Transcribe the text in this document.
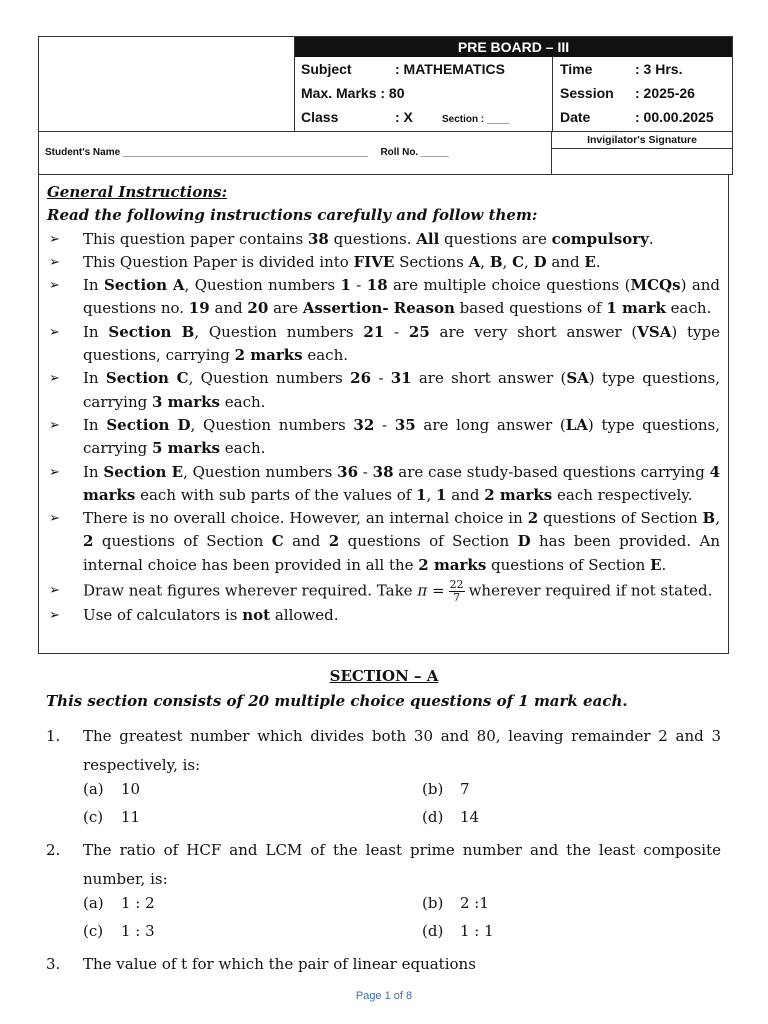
PRE BOARD – III
Subject	: MATHEMATICS
Max. Marks : 80
Class	: X	Section : ____
Time	: 3 Hrs.
Session : 2025-26
Date	: 00.00.2025
Student's Name ____________________________________________ Roll No. _____
Invigilator's Signature
General Instructions:
Read the following instructions carefully and follow them:
➢ This question paper contains 38 questions. All questions are compulsory.
➢ This Question Paper is divided into FIVE Sections A, B, C, D and E.
➢ In Section A, Question numbers 1 - 18 are multiple choice questions (MCQs) and questions no. 19 and 20 are Assertion- Reason based questions of 1 mark each.
➢ In Section B, Question numbers 21 - 25 are very short answer (VSA) type questions, carrying 2 marks each.
➢ In Section C, Question numbers 26 - 31 are short answer (SA) type questions, carrying 3 marks each.
➢ In Section D, Question numbers 32 - 35 are long answer (LA) type questions, carrying 5 marks each.
➢ In Section E, Question numbers 36 - 38 are case study-based questions carrying 4 marks each with sub parts of the values of 1, 1 and 2 marks each respectively.
➢ There is no overall choice. However, an internal choice in 2 questions of Section B, 2 questions of Section C and 2 questions of Section D has been provided. An internal choice has been provided in all the 2 marks questions of Section E.
➢ Draw neat figures wherever required. Take $\pi = \frac{22}{7}$ wherever required if not stated.
➢ Use of calculators is not allowed.
SECTION – A
This section consists of 20 multiple choice questions of 1 mark each.
1. The greatest number which divides both 30 and 80, leaving remainder 2 and 3 respectively, is:
(a) 10	(b) 7
(c) 11	(d) 14
2. The ratio of HCF and LCM of the least prime number and the least composite number, is:
(a) 1 : 2	(b) 2 :1
(c) 1 : 3	(d) 1 : 1
3. The value of t for which the pair of linear equations
Page 1 of 8
